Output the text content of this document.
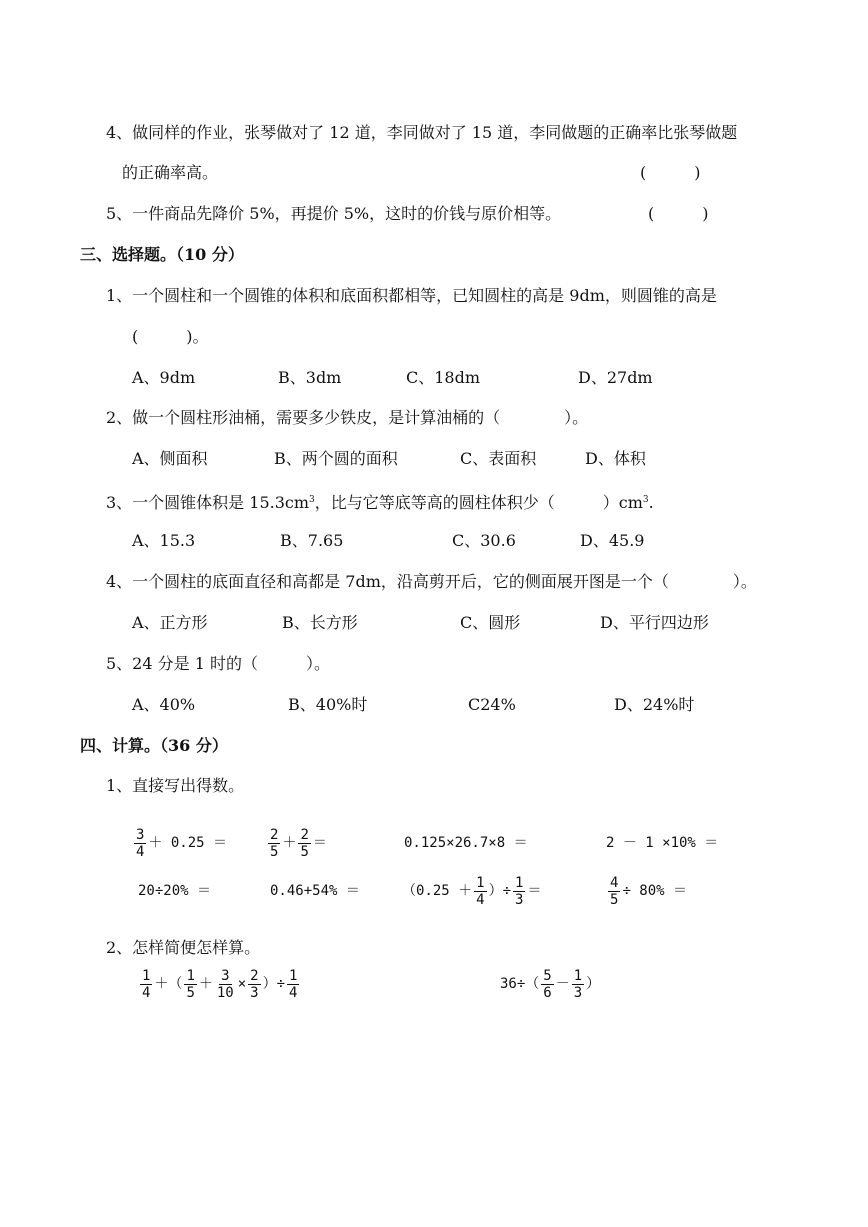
4、做同样的作业，张琴做对了 12 道，李同做对了 15 道，李同做题的正确率比张琴做题
的正确率高。	(　　　)
5、一件商品先降价 5%，再提价 5%，这时的价钱与原价相等。	(　　　)
三、选择题。（10 分）
1、一个圆柱和一个圆锥的体积和底面积都相等，已知圆柱的高是 9dm，则圆锥的高是
(　　　)。
A、9dm	B、3dm	C、18dm	D、27dm
2、做一个圆柱形油桶，需要多少铁皮，是计算油桶的（　　　　）。
A、侧面积	B、两个圆的面积	C、表面积	D、体积
3、一个圆锥体积是 $15.3cm^3$，比与它等底等高的圆柱体积少（　　　）$cm^3$.
A、15.3	B、7.65	C、30.6	D、45.9
4、一个圆柱的底面直径和高都是 7dm，沿高剪开后，它的侧面展开图是一个（　　　　）。
A、正方形	B、长方形	C、圆形	D、平行四边形
5、24 分是 1 时的（　　　）。
A、40%	B、40%时	C24%	D、24%时
四、计算。（36 分）
1、直接写出得数。
$\frac{3}{4} + 0.25$ ＝	$\frac{2}{5} + \frac{2}{5}$ ＝	0.125×26.7×8 ＝	2 － 1 ×10% ＝
20÷20% ＝	0.46+54% ＝	（$0.25 + \frac{1}{4}$ ）÷ $\frac{1}{3}$ ＝	$\frac{4}{5} \div 80\%$ ＝
2、怎样简便怎样算。
$\frac{1}{4}$ ＋（ $\frac{1}{5} + \frac{3}{10} \times \frac{2}{3}$ ）÷ $\frac{1}{4}$	$36\div( \frac{5}{6} - \frac{1}{3}$ ）
